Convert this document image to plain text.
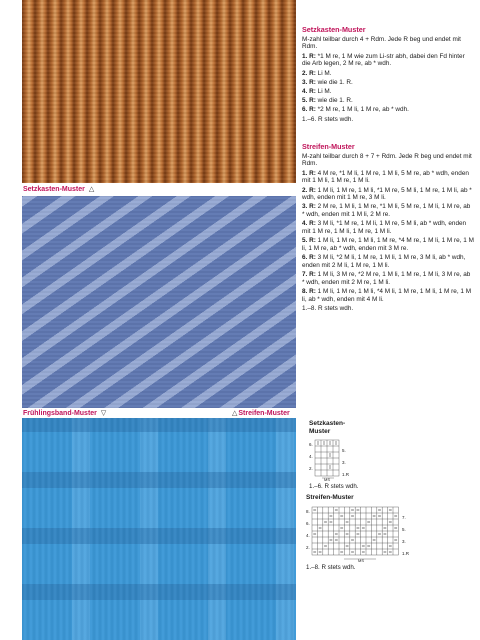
Setzkasten-Muster △
Frühlingsband-Muster ▽	△Streifen-Muster
Setzkasten-Muster

M-zahl teilbar durch 4 + Rdm. Jede R beg und endet mit Rdm.

1. R: *1 M re, 1 M wie zum Li-str abh, dabei den Fd hinter die Arb legen, 2 M re, ab * wdh.

2. R: Li M.

3. R: wie die 1. R.

4. R: Li M.

5. R: wie die 1. R.

6. R: *2 M re, 1 M li, 1 M re, ab * wdh.

1.–6. R stets wdh.

Streifen-Muster

M-zahl teilbar durch 8 + 7 + Rdm. Jede R beg und endet mit Rdm.

1. R: 4 M re, *1 M li, 1 M re, 1 M li, 5 M re, ab * wdh, enden mit 1 M li, 1 M re, 1 M li.

2. R: 1 M li, 1 M re, 1 M li, *1 M re, 5 M li, 1 M re, 1 M li, ab * wdh, enden mit 1 M re, 3 M li.

3. R: 2 M re, 1 M li, 1 M re, *1 M li, 5 M re, 1 M li, 1 M re, ab * wdh, enden mit 1 M li, 2 M re.

4. R: 3 M li, *1 M re, 1 M li, 1 M re, 5 M li, ab * wdh, enden mit 1 M re, 1 M li, 1 M re, 1 M li.

5. R: 1 M li, 1 M re, 1 M li, 1 M re, *4 M re, 1 M li, 1 M re, 1 M li, 1 M re, ab * wdh, enden mit 3 M re.

6. R: 3 M li, *2 M li, 1 M re, 1 M li, 1 M re, 3 M li, ab * wdh, enden mit 2 M li, 1 M re, 1 M li.

7. R: 1 M li, 3 M re, *2 M re, 1 M li, 1 M re, 1 M li, 3 M re, ab * wdh, enden mit 2 M re, 1 M li.

8. R: 1 M li, 1 M re, 1 M li, *4 M li, 1 M re, 1 M li, 1 M re, 1 M li, ab * wdh, enden mit 4 M li.

1.–8. R stets wdh.

Setzkasten-
Muster
6.
4.
2.
5.
3.
1.R
MS
1.–6. R stets wdh.
Streifen-Muster
8.
6.
4.
2.
7.
5.
3.
1.R
MS
1.–8. R stets wdh.
